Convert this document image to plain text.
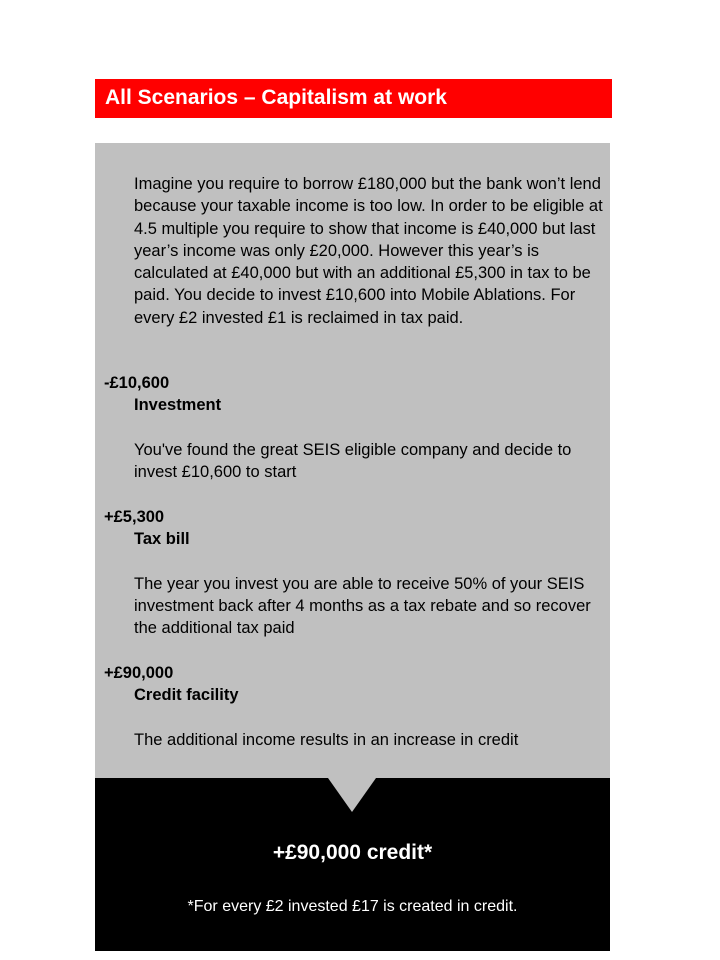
All Scenarios – Capitalism at work

Imagine you require to borrow £180,000 but the bank won’t lend because your taxable income is too low. In order to be eligible at 4.5 multiple you require to show that income is £40,000 but last year’s income was only £20,000. However this year’s is calculated at £40,000 but with an additional £5,300 in tax to be paid. You decide to invest £10,600 into Mobile Ablations. For every £2 invested £1 is reclaimed in tax paid.

-£10,600
Investment
You've found the great SEIS eligible company and decide to invest £10,600 to start
+£5,300
Tax bill
The year you invest you are able to receive 50% of your SEIS investment back after 4 months as a tax rebate and so recover the additional tax paid
+£90,000
Credit facility
The additional income results in an increase in credit
+£90,000 credit*
*For every £2 invested £17 is created in credit.
